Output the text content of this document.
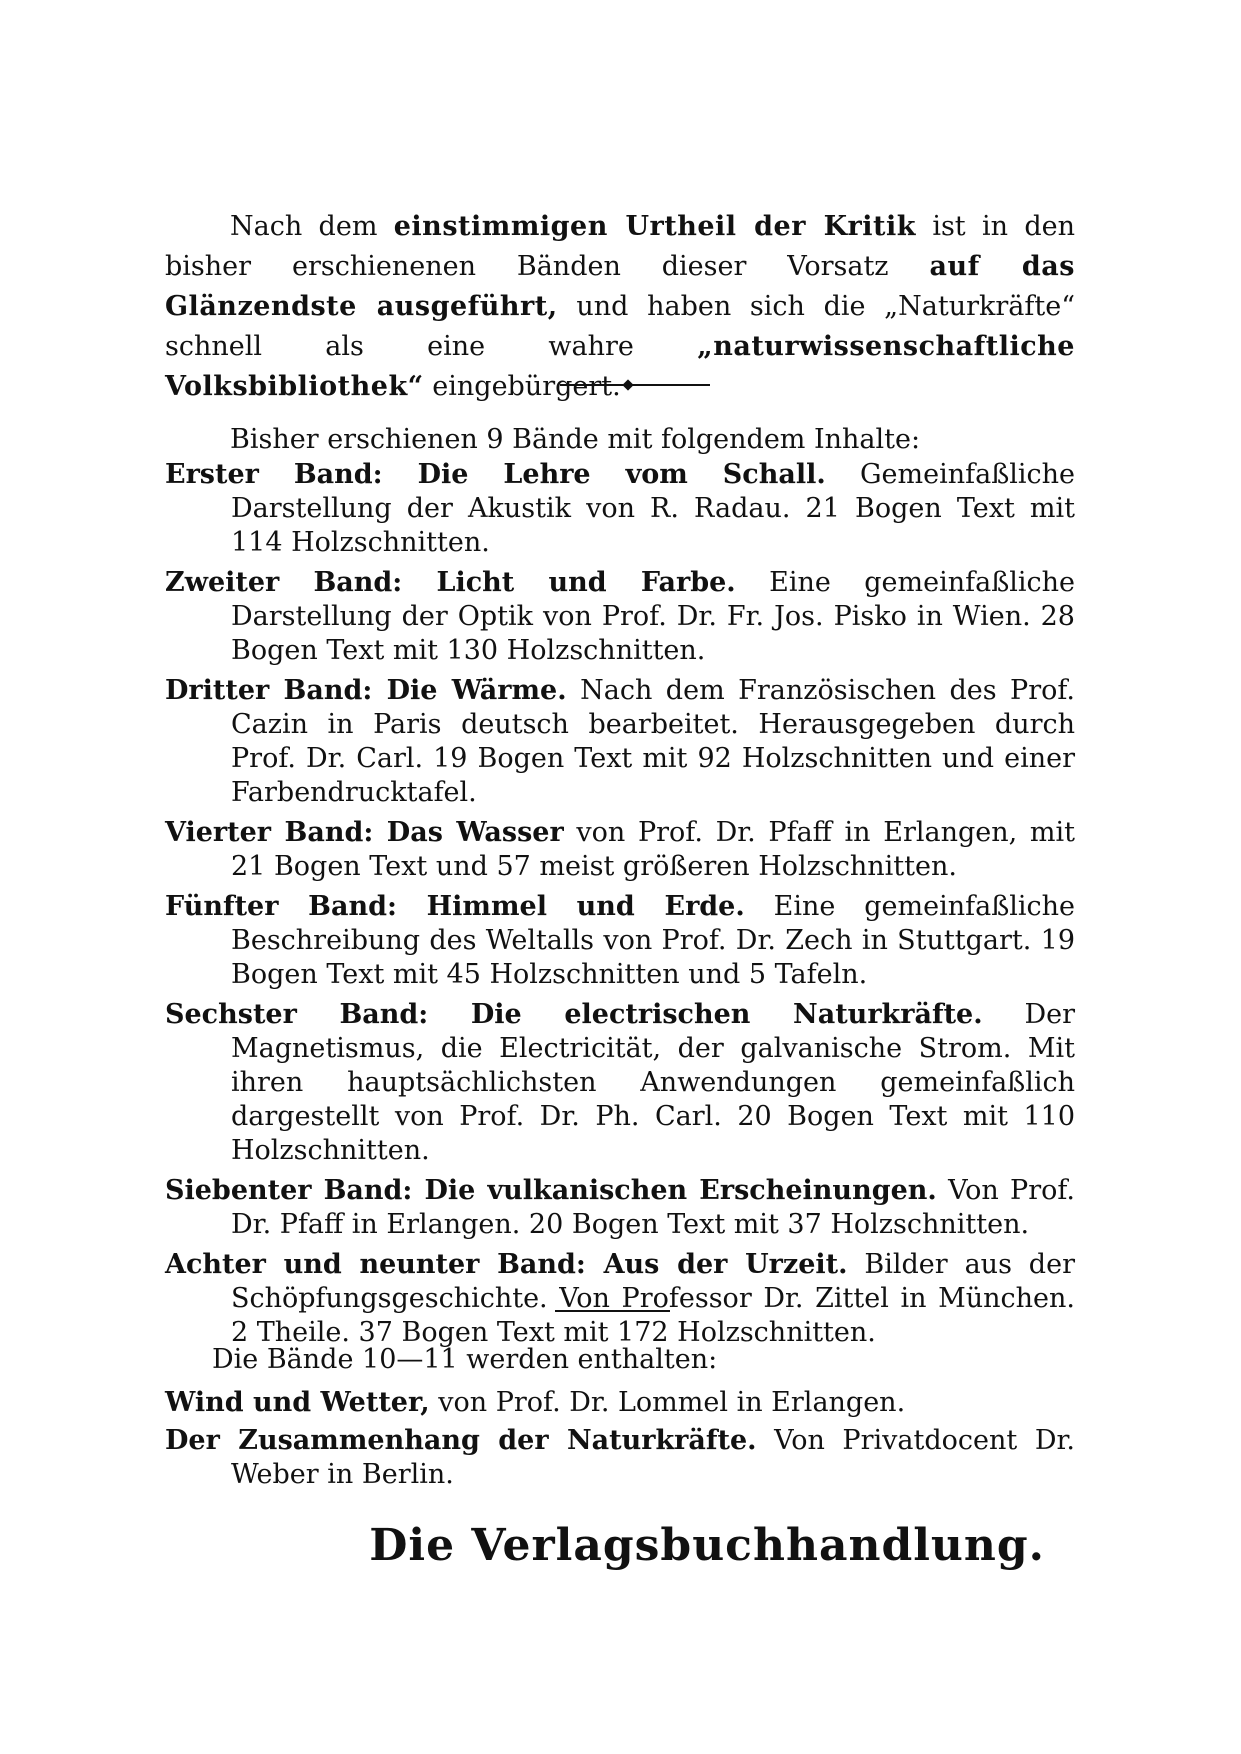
Nach dem einstimmigen Urtheil der Kritik ist in den bisher erschienenen Bänden dieser Vorsatz auf das Glänzendste ausgeführt, und haben sich die „Naturkräfte“ schnell als eine wahre „naturwissenschaftliche Volksbibliothek“ eingebürgert.

Bisher erschienen 9 Bände mit folgendem Inhalte:
Erster Band: Die Lehre vom Schall. Gemeinfaßliche Darstellung der Akustik von R. Radau. 21 Bogen Text mit 114 Holzschnitten.
Zweiter Band: Licht und Farbe. Eine gemeinfaßliche Darstellung der Optik von Prof. Dr. Fr. Jos. Pisko in Wien. 28 Bogen Text mit 130 Holzschnitten.
Dritter Band: Die Wärme. Nach dem Französischen des Prof. Cazin in Paris deutsch bearbeitet. Herausgegeben durch Prof. Dr. Carl. 19 Bogen Text mit 92 Holzschnitten und einer Farbendrucktafel.
Vierter Band: Das Wasser von Prof. Dr. Pfaff in Erlangen, mit 21 Bogen Text und 57 meist größeren Holzschnitten.
Fünfter Band: Himmel und Erde. Eine gemeinfaßliche Beschreibung des Weltalls von Prof. Dr. Zech in Stuttgart. 19 Bogen Text mit 45 Holzschnitten und 5 Tafeln.
Sechster Band: Die electrischen Naturkräfte. Der Magnetismus, die Electricität, der galvanische Strom. Mit ihren hauptsächlichsten Anwendungen gemeinfaßlich dargestellt von Prof. Dr. Ph. Carl. 20 Bogen Text mit 110 Holzschnitten.
Siebenter Band: Die vulkanischen Erscheinungen. Von Prof. Dr. Pfaff in Erlangen. 20 Bogen Text mit 37 Holzschnitten.
Achter und neunter Band: Aus der Urzeit. Bilder aus der Schöpfungsgeschichte. Von Professor Dr. Zittel in München. 2 Theile. 37 Bogen Text mit 172 Holzschnitten.
Die Bände 10—11 werden enthalten:
Wind und Wetter, von Prof. Dr. Lommel in Erlangen.
Der Zusammenhang der Naturkräfte. Von Privatdocent Dr. Weber in Berlin.
Die Verlagsbuchhandlung.
